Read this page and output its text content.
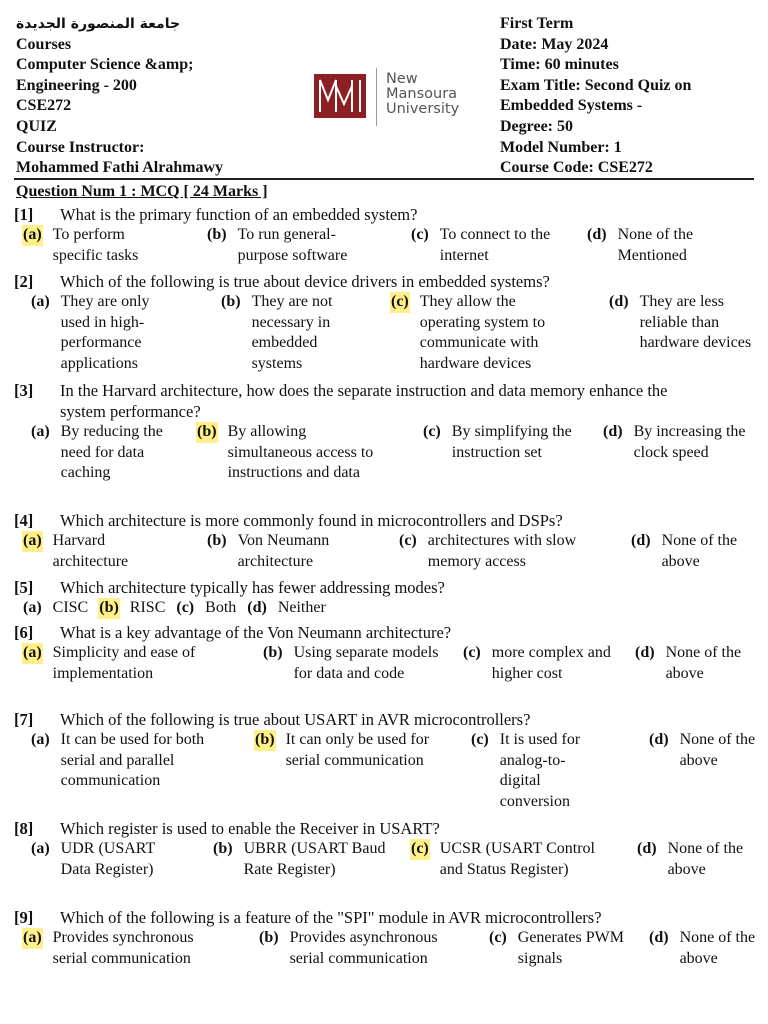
جامعة المنصورة الجديدة
Courses
Computer Science &amp;
Engineering - 200
CSE272
QUIZ
Course Instructor:
Mohammed Fathi Alrahmawy
New
Mansoura
University
First Term
Date: May 2024
Time: 60 minutes
Exam Title: Second Quiz on
Embedded Systems -
Degree: 50
Model Number: 1
Course Code: CSE272
Question Num 1 : MCQ [ 24 Marks ]
[1]	What is the primary function of an embedded system?
(a) To perform specific tasks
(b) To run general-purpose software
(c) To connect to the internet
(d) None of the Mentioned
[2]	Which of the following is true about device drivers in embedded systems?
(a) They are only used in high-performance applications
(b) They are not necessary in embedded systems
(c) They allow the operating system to communicate with hardware devices
(d) They are less reliable than hardware devices
[3]	In the Harvard architecture, how does the separate instruction and data memory enhance the system performance?
(a) By reducing the need for data caching
(b) By allowing simultaneous access to instructions and data
(c) By simplifying the instruction set
(d) By increasing the clock speed
[4]	Which architecture is more commonly found in microcontrollers and DSPs?
(a) Harvard architecture
(b) Von Neumann architecture
(c) architectures with slow memory access
(d) None of the above
[5]	Which architecture typically has fewer addressing modes?
(a) CISC (b) RISC (c) Both (d) Neither
[6]	What is a key advantage of the Von Neumann architecture?
(a) Simplicity and ease of implementation
(b) Using separate models for data and code
(c) more complex and higher cost
(d) None of the above
[7]	Which of the following is true about USART in AVR microcontrollers?
(a) It can be used for both serial and parallel communication
(b) It can only be used for serial communication
(c) It is used for analog-to-digital conversion
(d) None of the above
[8]	Which register is used to enable the Receiver in USART?
(a) UDR (USART Data Register)
(b) UBRR (USART Baud Rate Register)
(c) UCSR (USART Control and Status Register)
(d) None of the above
[9]	Which of the following is a feature of the "SPI" module in AVR microcontrollers?
(a) Provides synchronous serial communication
(b) Provides asynchronous serial communication
(c) Generates PWM signals
(d) None of the above
